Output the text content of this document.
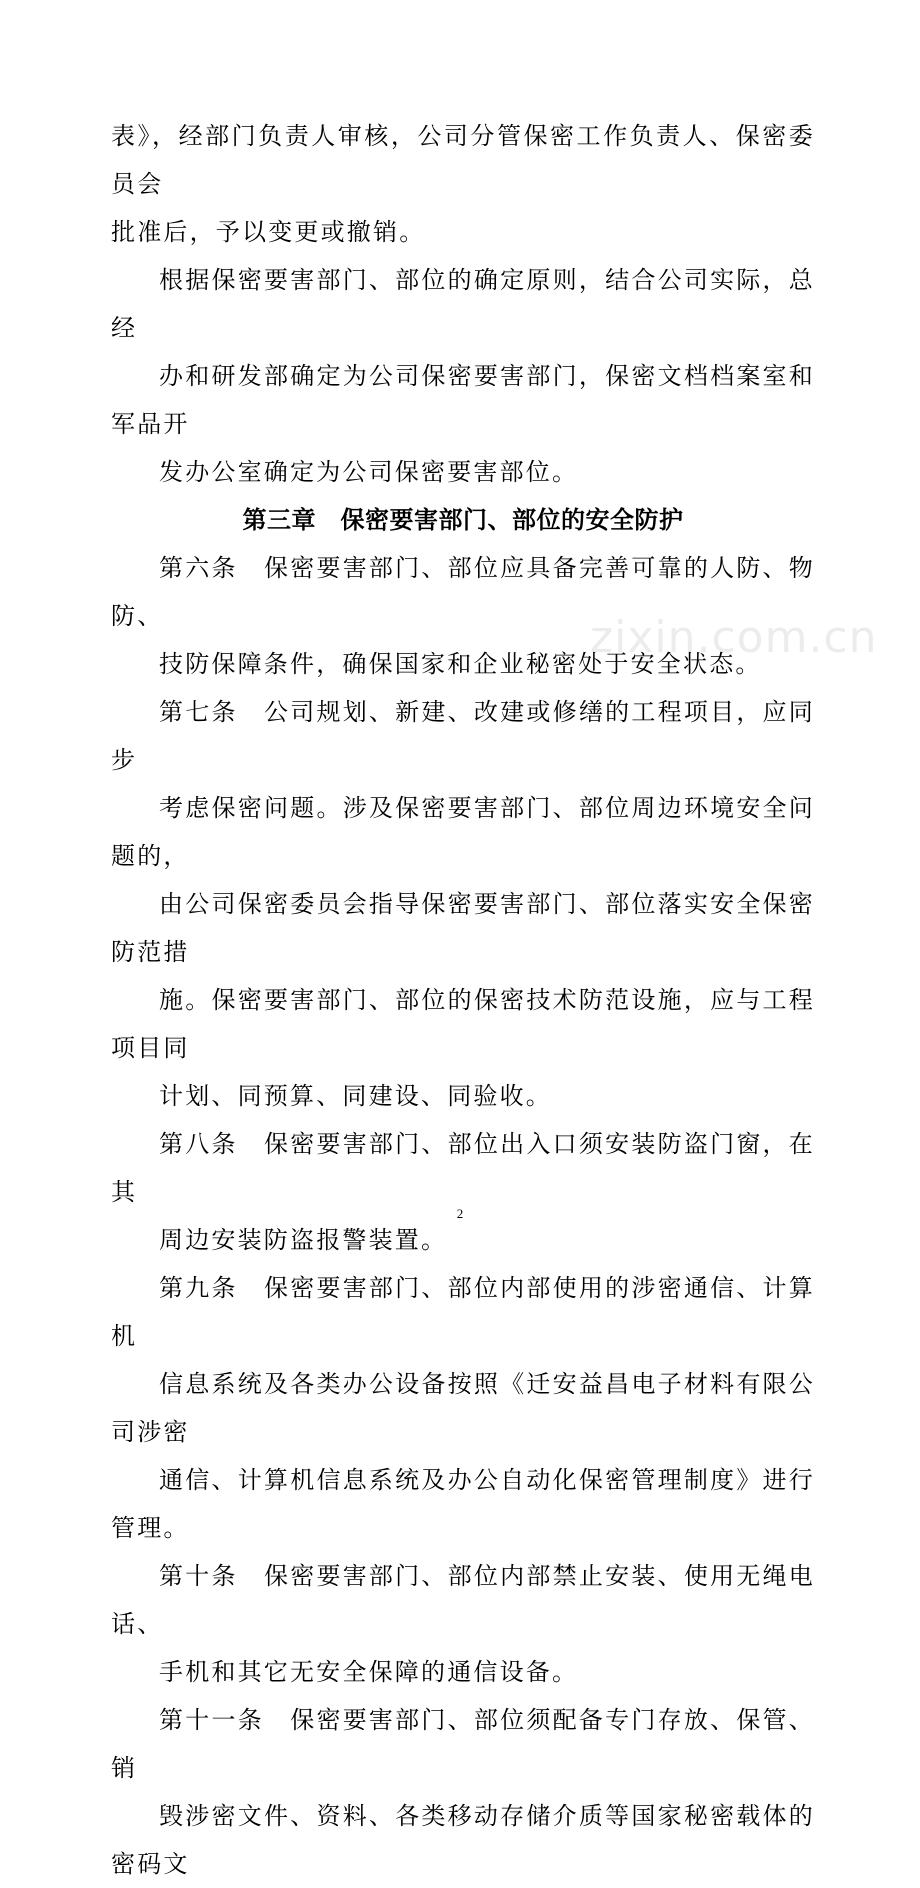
表》，经部门负责人审核，公司分管保密工作负责人、保密委员会
批准后，予以变更或撤销。
根据保密要害部门、部位的确定原则，结合公司实际，总经
办和研发部确定为公司保密要害部门，保密文档档案室和军品开
发办公室确定为公司保密要害部位。
第三章　保密要害部门、部位的安全防护
第六条　保密要害部门、部位应具备完善可靠的人防、物防、
技防保障条件，确保国家和企业秘密处于安全状态。
第七条　公司规划、新建、改建或修缮的工程项目，应同步
考虑保密问题。涉及保密要害部门、部位周边环境安全问题的，
由公司保密委员会指导保密要害部门、部位落实安全保密防范措
施。保密要害部门、部位的保密技术防范设施，应与工程项目同
计划、同预算、同建设、同验收。
第八条　保密要害部门、部位出入口须安装防盗门窗，在其
周边安装防盗报警装置。
第九条　保密要害部门、部位内部使用的涉密通信、计算机
信息系统及各类办公设备按照《迁安益昌电子材料有限公司涉密
通信、计算机信息系统及办公自动化保密管理制度》进行管理。
第十条　保密要害部门、部位内部禁止安装、使用无绳电话、
手机和其它无安全保障的通信设备。
第十一条　保密要害部门、部位须配备专门存放、保管、销
毁涉密文件、资料、各类移动存储介质等国家秘密载体的密码文
zixin.com.cn
2
